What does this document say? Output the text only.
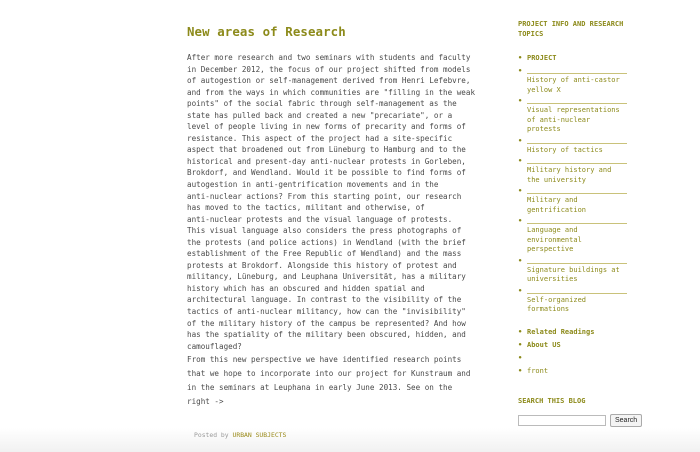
New areas of Research

After more research and two seminars with students and faculty
in December 2012, the focus of our project shifted from models
of autogestion or self-management derived from Henri Lefebvre,
and from the ways in which communities are "filling in the weak
points" of the social fabric through self-management as the
state has pulled back and created a new "precariate", or a
level of people living in new forms of precarity and forms of
resistance. This aspect of the project had a site-specific
aspect that broadened out from Lüneburg to Hamburg and to the
historical and present-day anti-nuclear protests in Gorleben,
Brokdorf, and Wendland. Would it be possible to find forms of
autogestion in anti-gentrification movements and in the
anti-nuclear actions? From this starting point, our research
has moved to the tactics, militant and otherwise, of
anti-nuclear protests and the visual language of protests.
This visual language also considers the press photographs of
the protests (and police actions) in Wendland (with the brief
establishment of the Free Republic of Wendland) and the mass
protests at Brokdorf. Alongside this history of protest and
militancy, Lüneburg, and Leuphana Universität, has a military
history which has an obscured and hidden spatial and
architectural language. In contrast to the visibility of the
tactics of anti-nuclear militancy, how can the "invisibility"
of the military history of the campus be represented? And how
has the spatiality of the military been obscured, hidden, and
camouflaged?

From this new perspective we have identified research points
that we hope to incorporate into our project for Kunstraum and
in the seminars at Leuphana in early June 2013. See on the
right ->

Posted by URBAN SUBJECTS

PROJECT INFO AND RESEARCH TOPICS

• PROJECT
•
History of anti-castor yellow X
•
Visual representations of anti-nuclear protests
•
History of tactics
•
Military history and the university
•
Military and gentrification
•
Language and environmental perspective
•
Signature buildings at universities
•
Self-organized formations
• Related Readings
• About US
•
• front

SEARCH THIS BLOG

Search
